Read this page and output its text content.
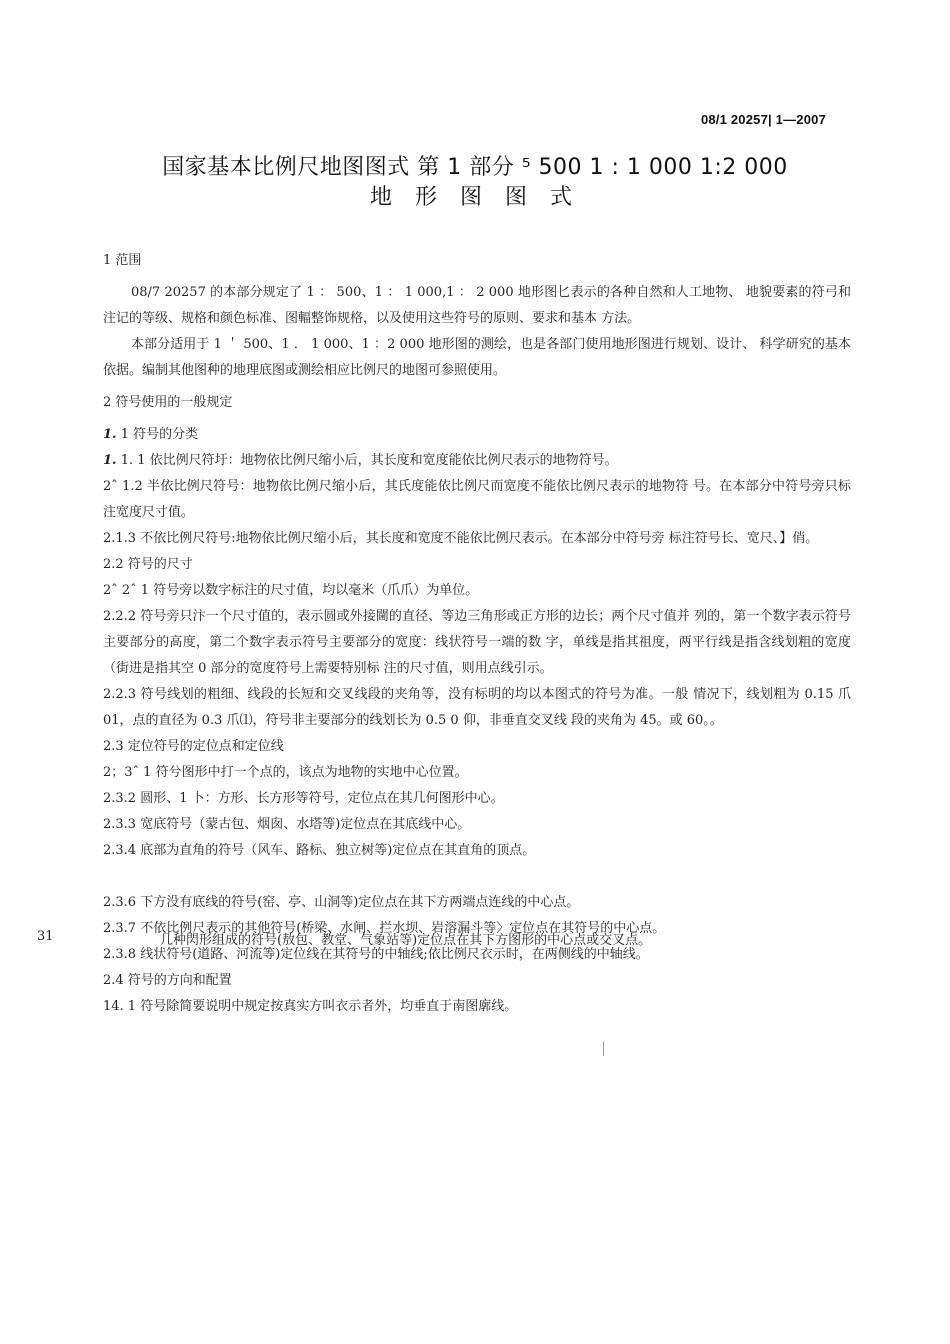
08/1 20257| 1—2007
国家基本比例尺地图图式 第 1 部分 ⁵ 500 1 : 1 000 1:2 000
地 形 图 图 式

1 范围

08/7 20257 的本部分规定了 1 ： 500、1 ： 1 000,1 ： 2 000 地形图匕表示的各种自然和人工地物、 地貌要素的符弓和注记的等级、规格和颜色标准、图輻整饰规格，以及使用这些符号的原则、要求和基本 方法。

本部分适用于 1 ＇ 500、1 ． 1 000、1 ：2 000 地形图的测绘，也是各部门使用地形图进行规划、设计、 科学研究的基本依据。编制其他图种的地理底图或测绘相应比例尺的地图可参照使用。

2 符号使用的一般规定

1. 1 符号的分类

1. 1. 1 依比例尺符圩：地物依比例尺缩小后，其长度和宽度能依比例尺表示的地物符号。

2ˆ 1.2 半依比例尺符号：地物依比例尺缩小后，其氏度能依比例尺而宽度不能依比例尺表示的地物符 号。在本部分中符号旁只标注宽度尺寸值。

2.1.3 不依比例尺符号:地物依比例尺缩小后，其长度和宽度不能依比例尺表示。在本部分中符号旁 标注符号长、宽尺、】俏。

2.2 符号的尺寸

2ˆ 2ˆ 1 符号旁以数字标注的尺寸值，均以毫米（爪爪）为单位。

2.2.2 符号旁只汴一个尺寸值的，表示圆或外接閫的直径、等边三角形或正方形的边长；两个尺寸值并 列的，第一个数字表示符号主要部分的高度，第二个数字表示符号主要部分的宽度：线状符号一端的数 字，单线是指其祖度，两平行线是指含线划粗的宽度（街进是指其空 0 部分的宽度符号上需要特别标 注的尺寸值，则用点线引示。

2.2.3 符号线划的粗细、线段的长短和交叉线段的夹角等，没有标明的均以本图式的符号为准。一般 情况下，线划粗为 0.15 爪 01，点的直径为 0.3 爪⑴，符号非主要部分的线划长为 0.5 0 仰，非垂直交叉线 段的夹角为 45。或 60。。

2.3 定位符号的定位点和定位线

2；3ˆ 1 符兮图形中打一个点的，该点为地物的实地中心位置。

2.3.2 圆形、1 卜：方形、长方形等符号，定位点在其几何图形中心。

2.3.3 宽底符号（蒙古包、烟囱、水塔等)定位点在其底线中心。

2.3.4 底部为直角的符号（风车、路标、独立树等)定位点在其直角的顶点。

2.3.6 下方没有底线的符号(窑、亭、山洞等)定位点在其下方两端点连线的中心点。

2.3.7 不依比例尺表示的其他符号(桥梁、水闸、拦水坝、岩溶漏斗等〉定位点在其符号的中心点。

2.3.8 线状符号(道路、河流等)定位线在其符号的中轴线;依比例尺衣示时，在两侧线的中轴线。

2.4 符号的方向和配置

14. 1 符号除简要说明中规定按真实方叫衣示者外，均垂直于南图廓线。

31	几种閃形组成的符号(敖包、教堂、气象站等)定位点在其下方图形的中心点或交叉点。
